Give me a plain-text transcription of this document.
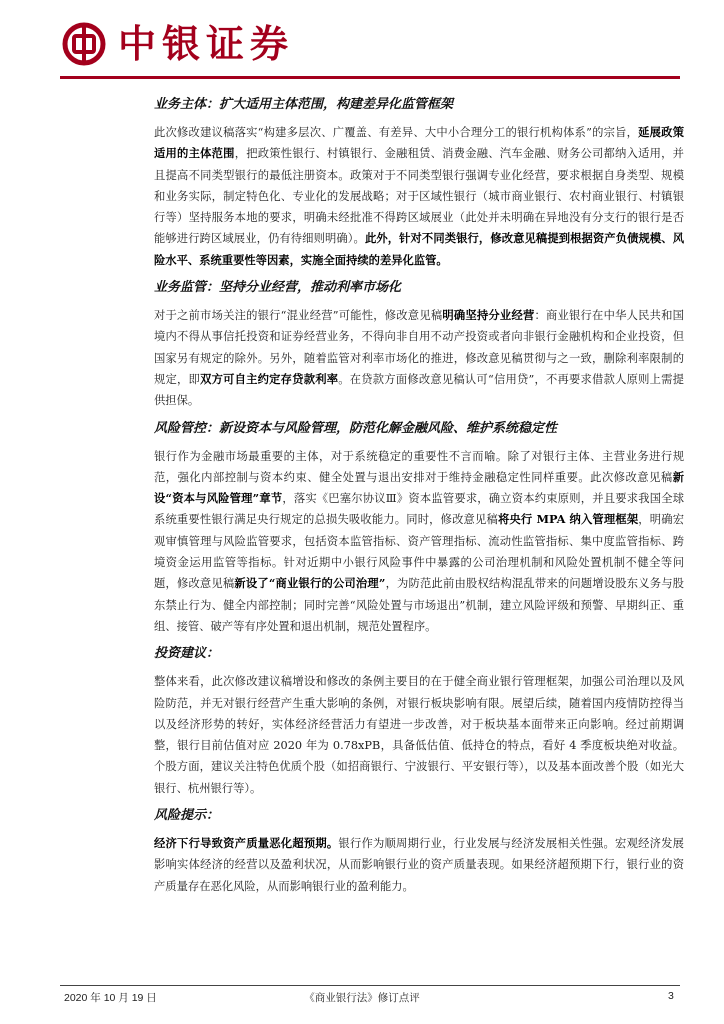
中银证券
业务主体：扩大适用主体范围，构建差异化监管框架
此次修改建议稿落实“构建多层次、广覆盖、有差异、大中小合理分工的银行机构体系”的宗旨，延展政策适用的主体范围，把政策性银行、村镇银行、金融租赁、消费金融、汽车金融、财务公司都纳入适用，并且提高不同类型银行的最低注册资本。政策对于不同类型银行强调专业化经营，要求根据自身类型、规模和业务实际，制定特色化、专业化的发展战略；对于区域性银行（城市商业银行、农村商业银行、村镇银行等）坚持服务本地的要求，明确未经批准不得跨区域展业（此处并未明确在异地没有分支行的银行是否能够进行跨区域展业，仍有待细则明确）。此外，针对不同类银行，修改意见稿提到根据资产负债规模、风险水平、系统重要性等因素，实施全面持续的差异化监管。
业务监管：坚持分业经营，推动利率市场化
对于之前市场关注的银行“混业经营”可能性，修改意见稿明确坚持分业经营：商业银行在中华人民共和国境内不得从事信托投资和证券经营业务，不得向非自用不动产投资或者向非银行金融机构和企业投资，但国家另有规定的除外。另外，随着监管对利率市场化的推进，修改意见稿贯彻与之一致，删除利率限制的规定，即双方可自主约定存贷款利率。在贷款方面修改意见稿认可“信用贷”，不再要求借款人原则上需提供担保。
风险管控：新设资本与风险管理，防范化解金融风险、维护系统稳定性
银行作为金融市场最重要的主体，对于系统稳定的重要性不言而喻。除了对银行主体、主营业务进行规范，强化内部控制与资本约束、健全处置与退出安排对于维持金融稳定性同样重要。此次修改意见稿新设“资本与风险管理”章节，落实《巴塞尔协议Ⅲ》资本监管要求，确立资本约束原则，并且要求我国全球系统重要性银行满足央行规定的总损失吸收能力。同时，修改意见稿将央行 MPA 纳入管理框架，明确宏观审慎管理与风险监管要求，包括资本监管指标、资产管理指标、流动性监管指标、集中度监管指标、跨境资金运用监管等指标。针对近期中小银行风险事件中暴露的公司治理机制和风险处置机制不健全等问题，修改意见稿新设了“商业银行的公司治理”，为防范此前由股权结构混乱带来的问题增设股东义务与股东禁止行为、健全内部控制；同时完善“风险处置与市场退出”机制，建立风险评级和预警、早期纠正、重组、接管、破产等有序处置和退出机制，规范处置程序。
投资建议：
整体来看，此次修改建议稿增设和修改的条例主要目的在于健全商业银行管理框架，加强公司治理以及风险防范，并无对银行经营产生重大影响的条例，对银行板块影响有限。展望后续，随着国内疫情防控得当以及经济形势的转好，实体经济经营活力有望进一步改善，对于板块基本面带来正向影响。经过前期调整，银行目前估值对应 2020 年为 0.78xPB，具备低估值、低持仓的特点，看好 4 季度板块绝对收益。个股方面，建议关注特色优质个股（如招商银行、宁波银行、平安银行等），以及基本面改善个股（如光大银行、杭州银行等）。
风险提示：
经济下行导致资产质量恶化超预期。银行作为顺周期行业，行业发展与经济发展相关性强。宏观经济发展影响实体经济的经营以及盈利状况，从而影响银行业的资产质量表现。如果经济超预期下行，银行业的资产质量存在恶化风险，从而影响银行业的盈利能力。
2020 年 10 月 19 日	《商业银行法》修订点评	3
